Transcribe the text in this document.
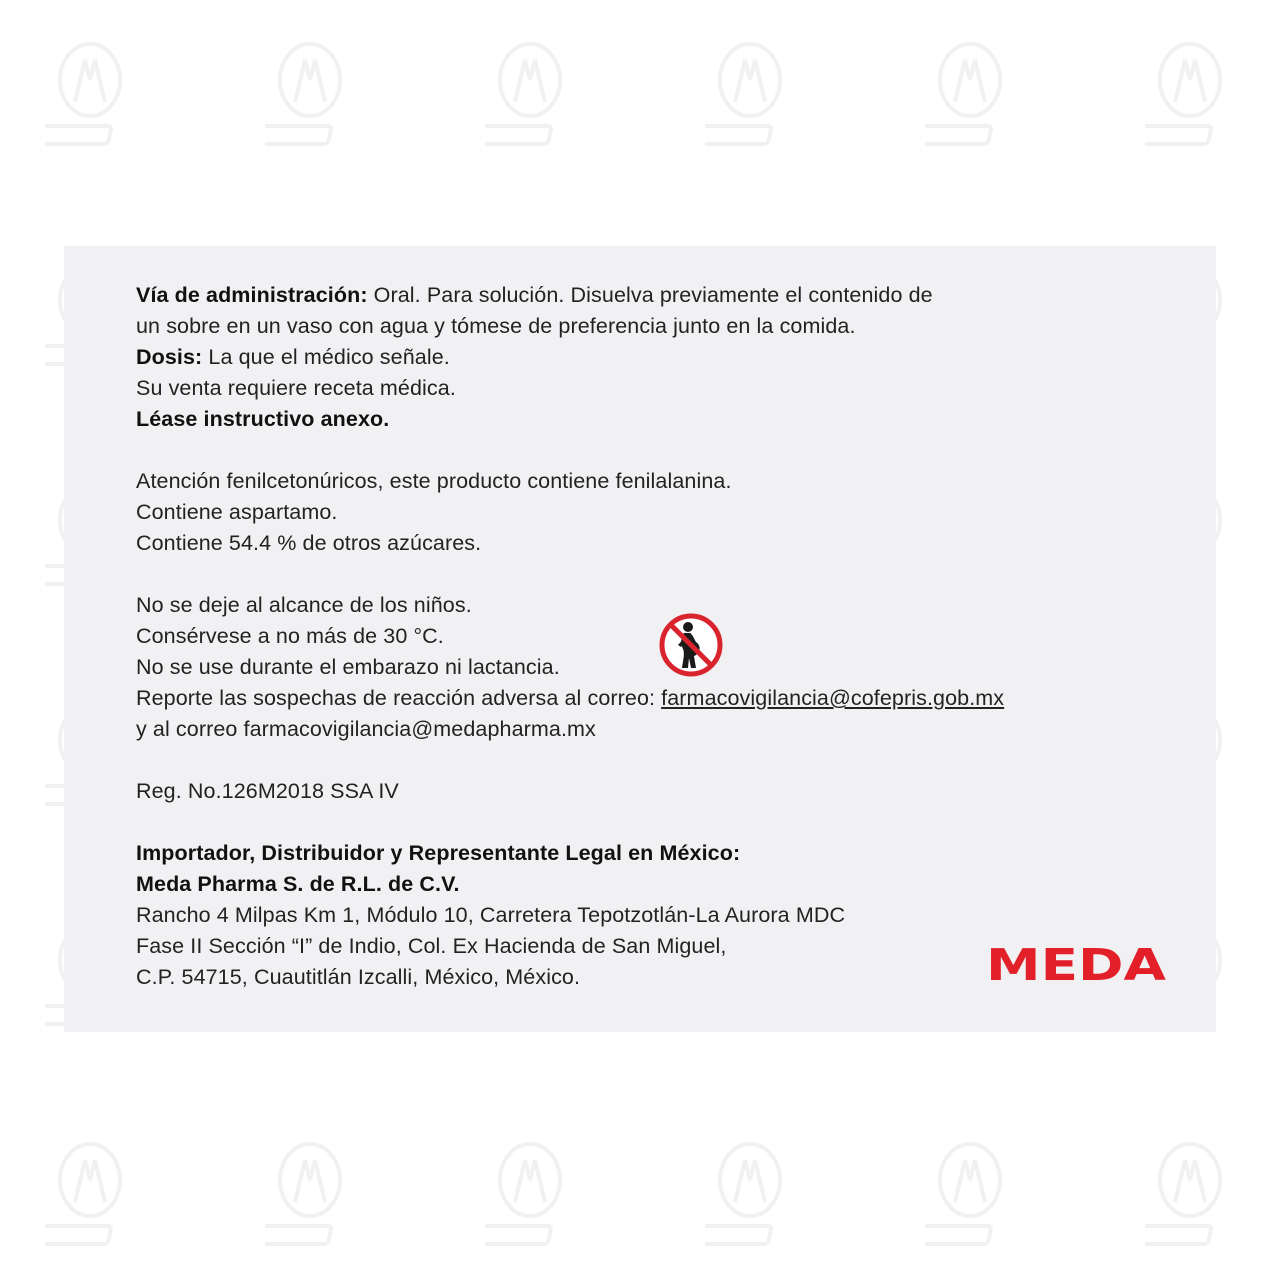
Vía de administración: Oral. Para solución. Disuelva previamente el contenido de
un sobre en un vaso con agua y tómese de preferencia junto en la comida.
Dosis: La que el médico señale.
Su venta requiere receta médica.
Léase instructivo anexo.
Atención fenilcetonúricos, este producto contiene fenilalanina.
Contiene aspartamo.
Contiene 54.4 % de otros azúcares.
No se deje al alcance de los niños.
Consérvese a no más de 30 °C.
No se use durante el embarazo ni lactancia.
Reporte las sospechas de reacción adversa al correo: farmacovigilancia@cofepris.gob.mx
y al correo farmacovigilancia@medapharma.mx
Reg. No.126M2018 SSA IV
Importador, Distribuidor y Representante Legal en México:
Meda Pharma S. de R.L. de C.V.
Rancho 4 Milpas Km 1, Módulo 10, Carretera Tepotzotlán-La Aurora MDC
Fase II Sección “I” de Indio, Col. Ex Hacienda de San Miguel,
C.P. 54715, Cuautitlán Izcalli, México, México.	MEDA
